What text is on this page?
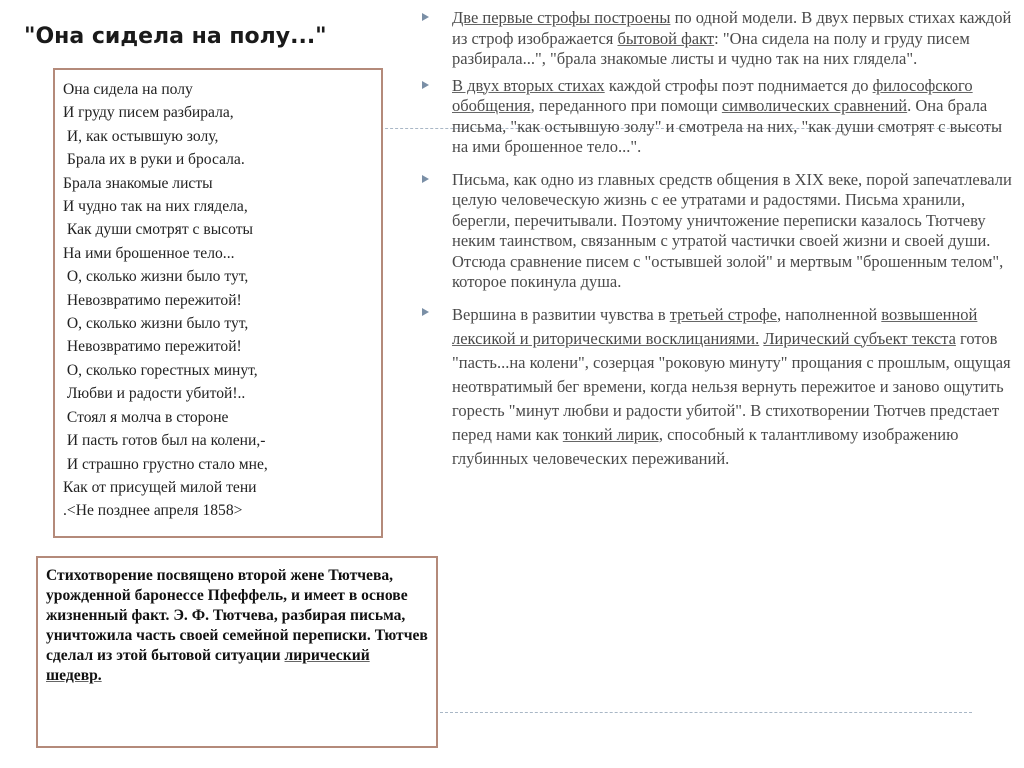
"Она сидела на полу..."
Она сидела на полу
И груду писем разбирала,
И, как остывшую золу,
Брала их в руки и бросала.
Брала знакомые листы
И чудно так на них глядела,
Как души смотрят с высоты
На ими брошенное тело...
О, сколько жизни было тут,
Невозвратимо пережитой!
О, сколько жизни было тут,
Невозвратимо пережитой!
О, сколько горестных минут,
Любви и радости убитой!..
Стоял я молча в стороне
И пасть готов был на колени,-
И страшно грустно стало мне,
Как от присущей милой тени
.<Не позднее апреля 1858>
Стихотворение посвящено второй жене Тютчева, урожденной баронессе Пфеффель, и имеет в основе жизненный факт. Э. Ф. Тютчева, разбирая письма, уничтожила часть своей семейной переписки. Тютчев сделал из этой бытовой ситуации лирический шедевр.
Две первые строфы построены по одной модели. В двух первых стихах каждой из строф изображается бытовой факт: "Она сидела на полу и груду писем разбирала...", "брала знакомые листы и чудно так на них глядела".
В двух вторых стихах каждой строфы поэт поднимается до философского обобщения, переданного при помощи символических сравнений. Она брала письма, "как остывшую золу" и смотрела на них, "как души смотрят с высоты на ими брошенное тело...".
Письма, как одно из главных средств общения в XIX веке, порой запечатлевали целую человеческую жизнь с ее утратами и радостями. Письма хранили, берегли, перечитывали. Поэтому уничтожение переписки казалось Тютчеву неким таинством, связанным с утратой частички своей жизни и своей души. Отсюда сравнение писем с "остывшей золой" и мертвым "брошенным телом", которое покинула душа.
Вершина в развитии чувства в третьей строфе, наполненной возвышенной лексикой и риторическими восклицаниями. Лирический субъект текста готов "пасть...на колени", созерцая "роковую минуту" прощания с прошлым, ощущая неотвратимый бег времени, когда нельзя вернуть пережитое и заново ощутить горесть "минут любви и радости убитой". В стихотворении Тютчев предстает перед нами как тонкий лирик, способный к талантливому изображению глубинных человеческих переживаний.
